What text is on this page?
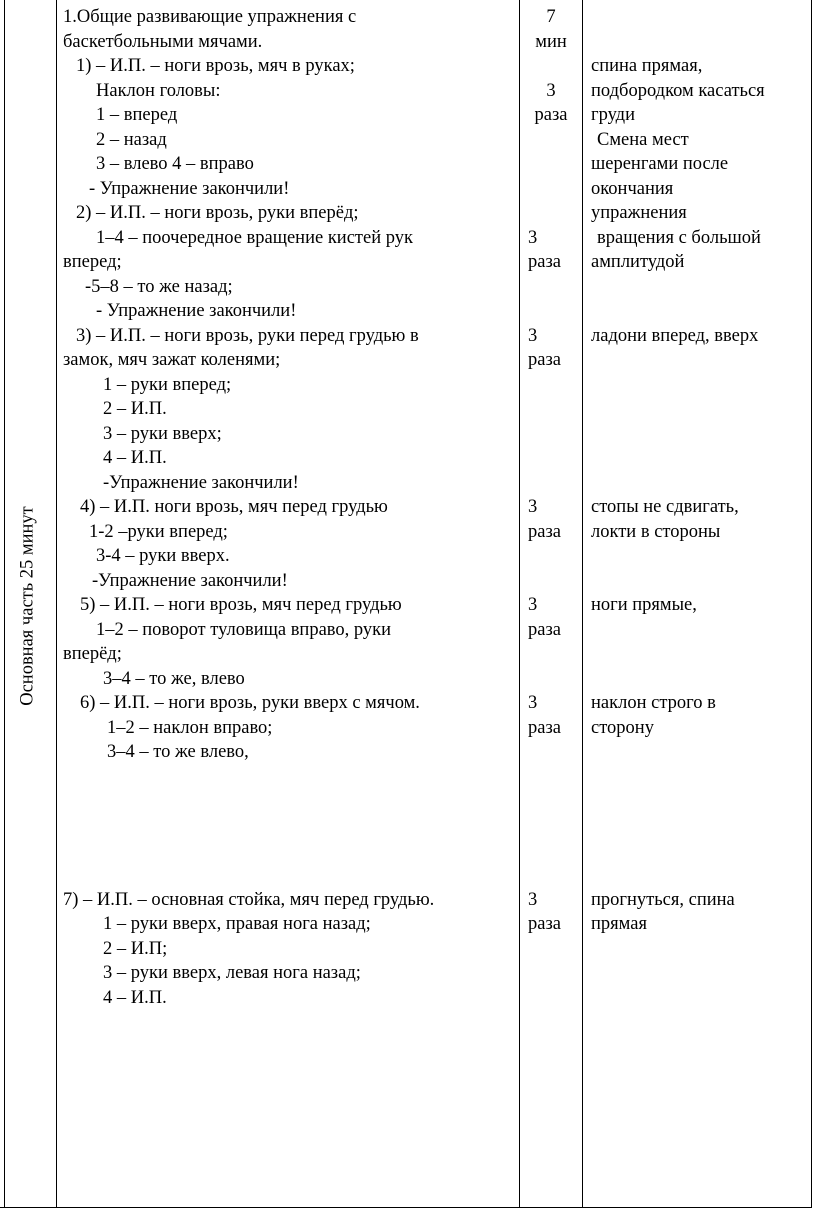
Основная часть 25 минут
1.Общие развивающие упражнения с
баскетбольными мячами.
1) – И.П. – ноги врозь, мяч в руках;
Наклон головы:
1 – вперед
2 – назад
3 – влево 4 – вправо
- Упражнение закончили!
2) – И.П. – ноги врозь, руки вперёд;
1–4 – поочередное вращение кистей рук
вперед;
-5–8 – то же назад;
- Упражнение закончили!
3) – И.П. – ноги врозь, руки перед грудью в
замок, мяч зажат коленями;
1 – руки вперед;
2 – И.П.
3 – руки вверх;
4 – И.П.
-Упражнение закончили!
4) – И.П. ноги врозь, мяч перед грудью
1-2 –руки вперед;
3-4 – руки вверх.
-Упражнение закончили!
5) – И.П. – ноги врозь, мяч перед грудью
1–2 – поворот туловища вправо, руки
вперёд;
3–4 – то же, влево
6) – И.П. – ноги врозь, руки вверх с мячом.
1–2 – наклон вправо;
3–4 – то же влево,
7) – И.П. – основная стойка, мяч перед грудью.
1 – руки вверх, правая нога назад;
2 – И.П;
3 – руки вверх, левая нога назад;
4 – И.П.
7
мин
3
раза
3
раза
3
раза
3
раза
3
раза
3
раза
3
раза
спина прямая,
подбородком касаться
груди
Смена мест
шеренгами после
окончания
упражнения
вращения с большой
амплитудой
ладони вперед, вверх
стопы не сдвигать,
локти в стороны
ноги прямые,
наклон строго в
сторону
прогнуться, спина
прямая
